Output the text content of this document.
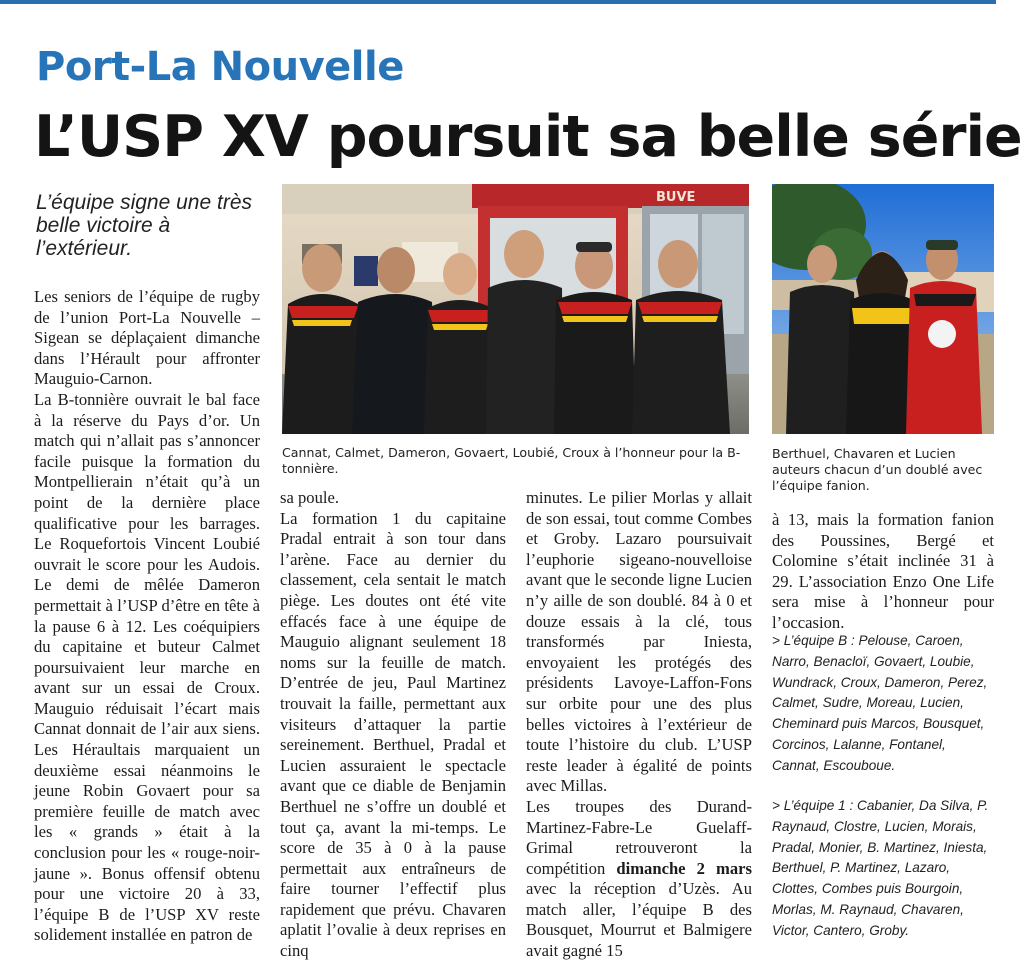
Port-La Nouvelle
L’USP XV poursuit sa belle série

L’équipe signe une très belle victoire à l’extérieur.

BUVE

Cannat, Calmet, Dameron, Govaert, Loubié, Croux à l’honneur pour la B-tonnière.

Berthuel, Chavaren et Lucien auteurs chacun d’un doublé avec l’équipe fanion.

Les seniors de l’équipe de rugby de l’union Port-La Nouvelle – Sigean se déplaçaient dimanche dans l’Hérault pour affronter Mauguio-Carnon.

La B-tonnière ouvrait le bal face à la réserve du Pays d’or. Un match qui n’allait pas s’annoncer facile puisque la formation du Montpellierain n’était qu’à un point de la dernière place qualificative pour les barrages. Le Roquefortois Vincent Loubié ouvrait le score pour les Audois. Le demi de mêlée Dameron permettait à l’USP d’être en tête à la pause 6 à 12. Les coéquipiers du capitaine et buteur Calmet poursuivaient leur marche en avant sur un essai de Croux. Mauguio réduisait l’écart mais Cannat donnait de l’air aux siens. Les Héraultais marquaient un deuxième essai néanmoins le jeune Robin Govaert pour sa première feuille de match avec les « grands » était à la conclusion pour les « rouge-noir-jaune ». Bonus offensif obtenu pour une victoire 20 à 33, l’équipe B de l’USP XV reste solidement installée en patron de

sa poule.

La formation 1 du capitaine Pradal entrait à son tour dans l’arène. Face au dernier du classement, cela sentait le match piège. Les doutes ont été vite effacés face à une équipe de Mauguio alignant seulement 18 noms sur la feuille de match. D’entrée de jeu, Paul Martinez trouvait la faille, permettant aux visiteurs d’attaquer la partie sereinement. Berthuel, Pradal et Lucien assuraient le spectacle avant que ce diable de Benjamin Berthuel ne s’offre un doublé et tout ça, avant la mi-temps. Le score de 35 à 0 à la pause permettait aux entraîneurs de faire tourner l’effectif plus rapidement que prévu. Chavaren aplatit l’ovalie à deux reprises en cinq

minutes. Le pilier Morlas y allait de son essai, tout comme Combes et Groby. Lazaro poursuivait l’euphorie sigeano-nouvelloise avant que le seconde ligne Lucien n’y aille de son doublé. 84 à 0 et douze essais à la clé, tous transformés par Iniesta, envoyaient les protégés des présidents Lavoye-Laffon-Fons sur orbite pour une des plus belles victoires à l’extérieur de toute l’histoire du club. L’USP reste leader à égalité de points avec Millas.

Les troupes des Durand-Martinez-Fabre-Le Guelaff-Grimal retrouveront la compétition dimanche 2 mars avec la réception d’Uzès. Au match aller, l’équipe B des Bousquet, Mourrut et Balmigere avait gagné 15

à 13, mais la formation fanion des Poussines, Bergé et Colomine s’était inclinée 31 à 29. L’association Enzo One Life sera mise à l’honneur pour l’occasion.

> L’équipe B : Pelouse, Caroen, Narro, Benacloï, Govaert, Loubie, Wundrack, Croux, Dameron, Perez, Calmet, Sudre, Moreau, Lucien, Cheminard puis Marcos, Bousquet, Corcinos, Lalanne, Fontanel, Cannat, Escouboue.

> L’équipe 1 : Cabanier, Da Silva, P. Raynaud, Clostre, Lucien, Morais, Pradal, Monier, B. Martinez, Iniesta, Berthuel, P. Martinez, Lazaro, Clottes, Combes puis Bourgoin, Morlas, M. Raynaud, Chavaren, Victor, Cantero, Groby.
